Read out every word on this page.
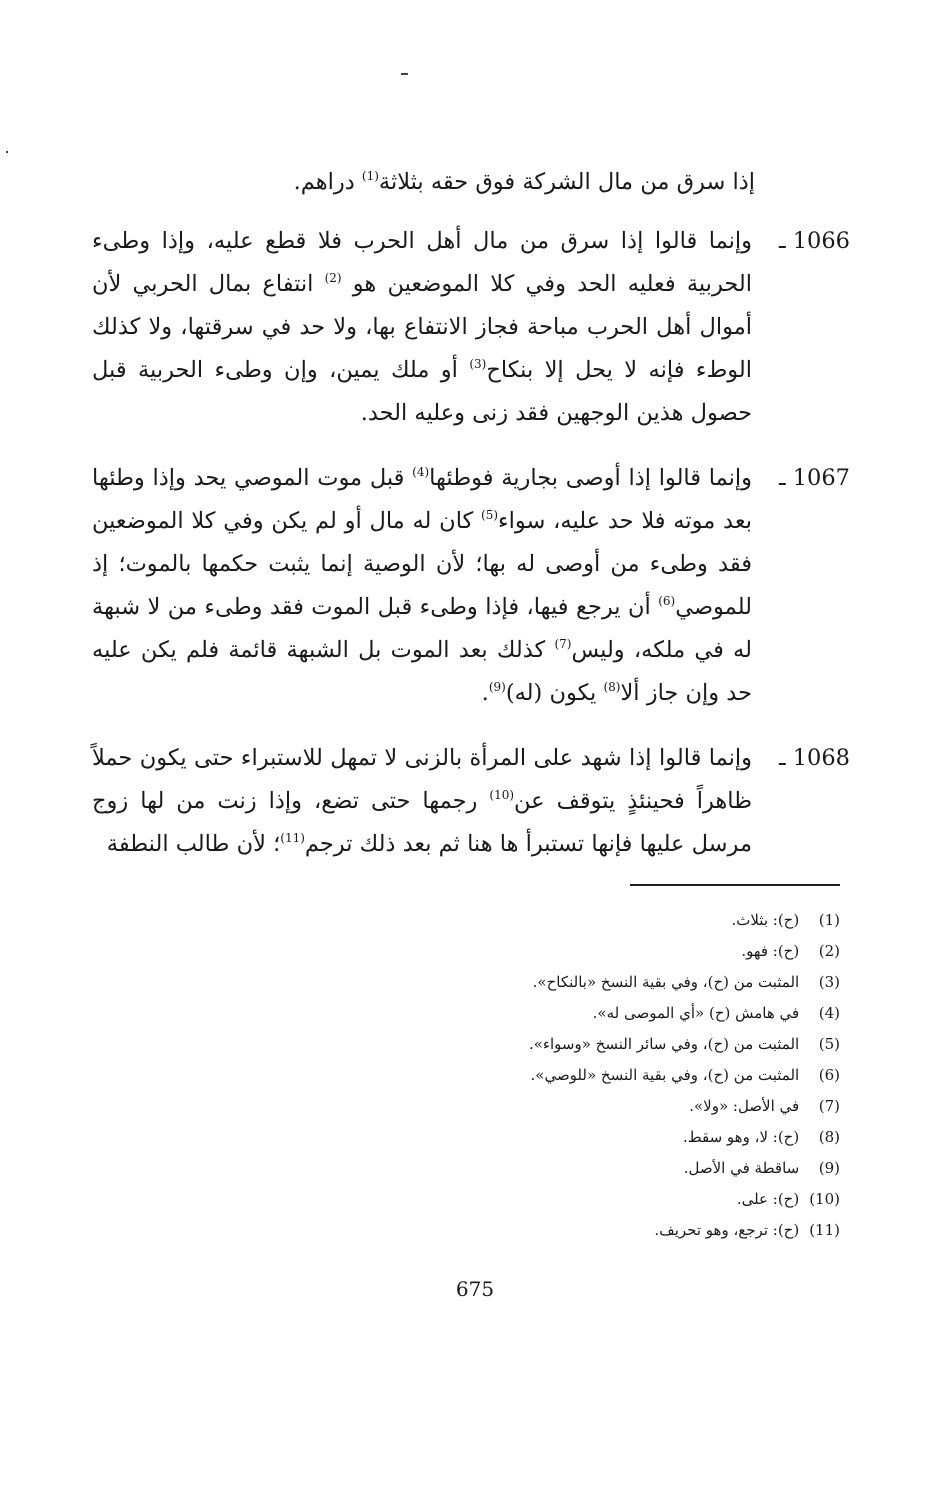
إذا سرق من مال الشركة فوق حقه بثلاثة$^{(1)}$ دراهم.

1066 ـ
وإنما قالوا إذا سرق من مال أهل الحرب فلا قطع عليه، وإذا وطىء الحربية فعليه الحد وفي كلا الموضعين هو $^{(2)}$ انتفاع بمال الحربي لأن أموال أهل الحرب مباحة فجاز الانتفاع بها، ولا حد في سرقتها، ولا كذلك الوطء فإنه لا يحل إلا بنكاح$^{(3)}$ أو ملك يمين، وإن وطىء الحربية قبل حصول هذين الوجهين فقد زنى وعليه الحد.
1067 ـ
وإنما قالوا إذا أوصى بجارية فوطئها$^{(4)}$ قبل موت الموصي يحد وإذا وطئها بعد موته فلا حد عليه، سواء$^{(5)}$ كان له مال أو لم يكن وفي كلا الموضعين فقد وطىء من أوصى له بها؛ لأن الوصية إنما يثبت حكمها بالموت؛ إذ للموصي$^{(6)}$ أن يرجع فيها، فإذا وطىء قبل الموت فقد وطىء من لا شبهة له في ملكه، وليس$^{(7)}$ كذلك بعد الموت بل الشبهة قائمة فلم يكن عليه حد وإن جاز ألا$^{(8)}$ يكون (له)$^{(9)}$.
1068 ـ
وإنما قالوا إذا شهد على المرأة بالزنى لا تمهل للاستبراء حتى يكون حملاً ظاهراً فحينئذٍ يتوقف عن$^{(10)}$ رجمها حتى تضع، وإذا زنت من لها زوج مرسل عليها فإنها تستبرأ ها هنا ثم بعد ذلك ترجم$^{(11)}$؛ لأن طالب النطفة
(1) (ح): بثلاث.
(2) (ح): فهو.
(3) المثبت من (ح)، وفي بقية النسخ «بالنكاح».
(4) في هامش (ح) «أي الموصى له».
(5) المثبت من (ح)، وفي سائر النسخ «وسواء».
(6) المثبت من (ح)، وفي بقية النسخ «للوصي».
(7) في الأصل: «ولا».
(8) (ح): لا، وهو سقط.
(9) ساقطة في الأصل.
(10) (ح): على.
(11) (ح): ترجع، وهو تحريف.
675
